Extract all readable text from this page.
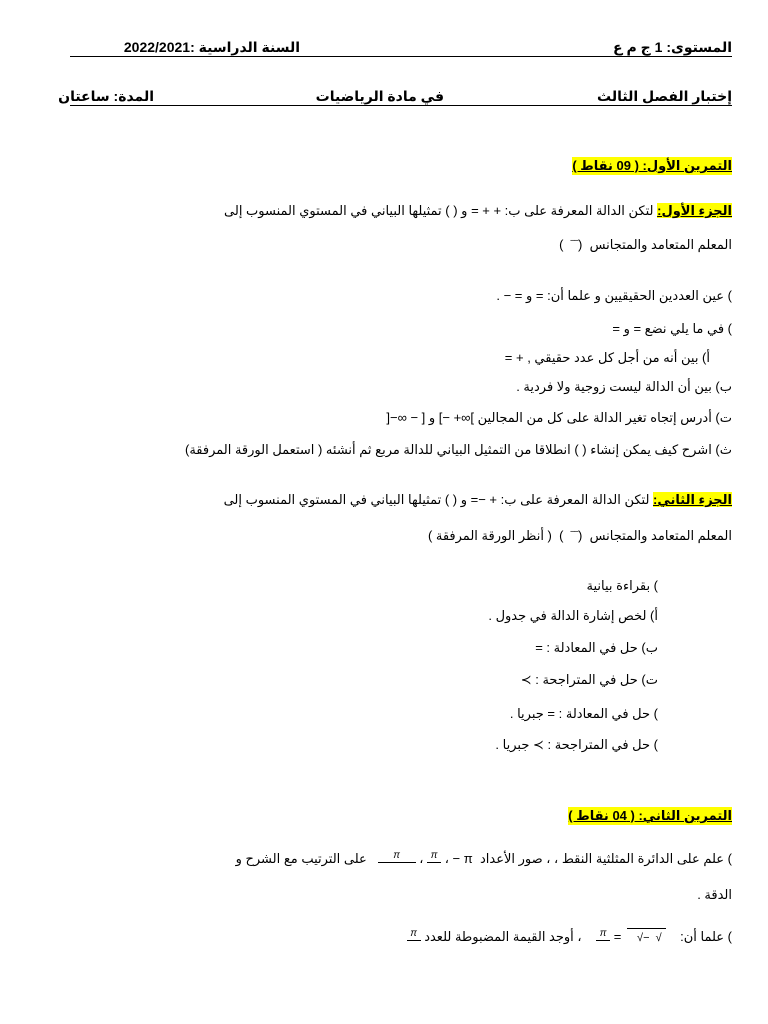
المستوى: 1 ج م ع
السنة الدراسية :2022/2021
إختبار الفصل الثالث
في مادة الرياضيات
المدة: ساعتان
التمرين الأول: ( 09 نقاط )
الجزء الأول: لتكن الدالة المعرفة على ب: + + = و ( ) تمثيلها البياني في المستوي المنسوب إلى
المعلم المتعامد والمتجانس  (‾‾  )
) عين العددين الحقيقيين و علما أن: = و = − .
) في ما يلي نضع = و =
أ) بين أنه من أجل كل عدد حقيقي , + =
ب) بين أن الدالة ليست زوجية ولا فردية .
ت) أدرس إتجاه تغير الدالة على كل من المجالين ]∞+ −] و [ − ∞−[
ث) اشرح كيف يمكن إنشاء ( ) انطلاقا من التمثيل البياني للدالة مربع ثم أنشئه ( استعمل الورقة المرفقة)
الجزء الثاني: لتكن الدالة المعرفة على ب: + −= و ( ) تمثيلها البياني في المستوي المنسوب إلى
المعلم المتعامد والمتجانس  (‾‾  )  ( أنظر الورقة المرفقة )
) بقراءة بيانية
أ) لخص إشارة الدالة في جدول .
ب) حل في المعادلة : =
ت) حل في المتراجحة : ≻
) حل في المعادلة : = جبريا .
) حل في المتراجحة : ≻ جبريا .
التمرين الثاني: ( 04 نقاط )
) علم على الدائرة المثلثية النقط ، ، صور الأعداد  π − ،
π
،
π
على الترتيب مع الشرح و
الدقة .
) علما أن:    √  −√   =
π
، أوجد القيمة المضبوطة للعدد
π
